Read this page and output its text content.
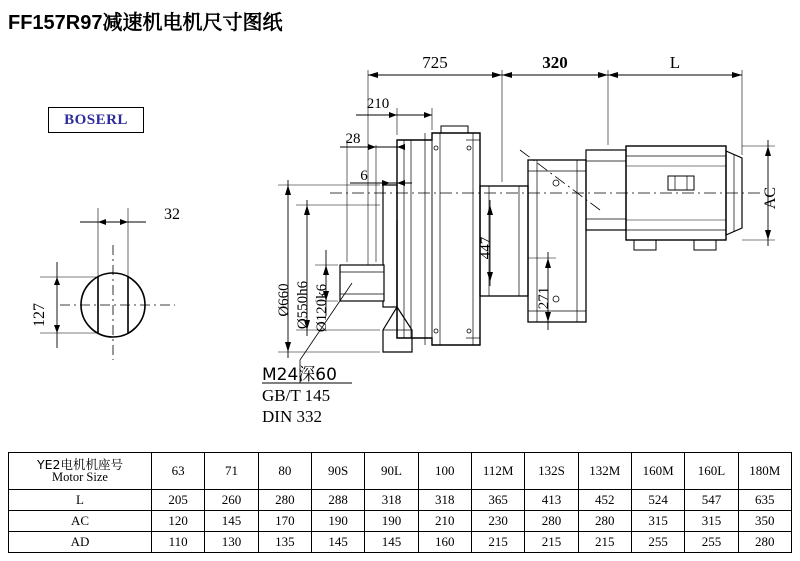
FF157R97减速机电机尺寸图纸
BOSERL
725	320	L
210
28
6
32
127	Ø660 Ø550h6 Ø120k6
447
271
AC
M24深60
GB/T 145
DIN 332
YE2电机机座号
Motor Size	63	71	80	90S	90L	100	112M	132S	132M	160M	160L	180M
L	205	260	280	288	318	318	365	413	452	524	547	635
AC	120	145	170	190	190	210	230	280	280	315	315	350
AD	110	130	135	145	145	160	215	215	215	255	255	280
